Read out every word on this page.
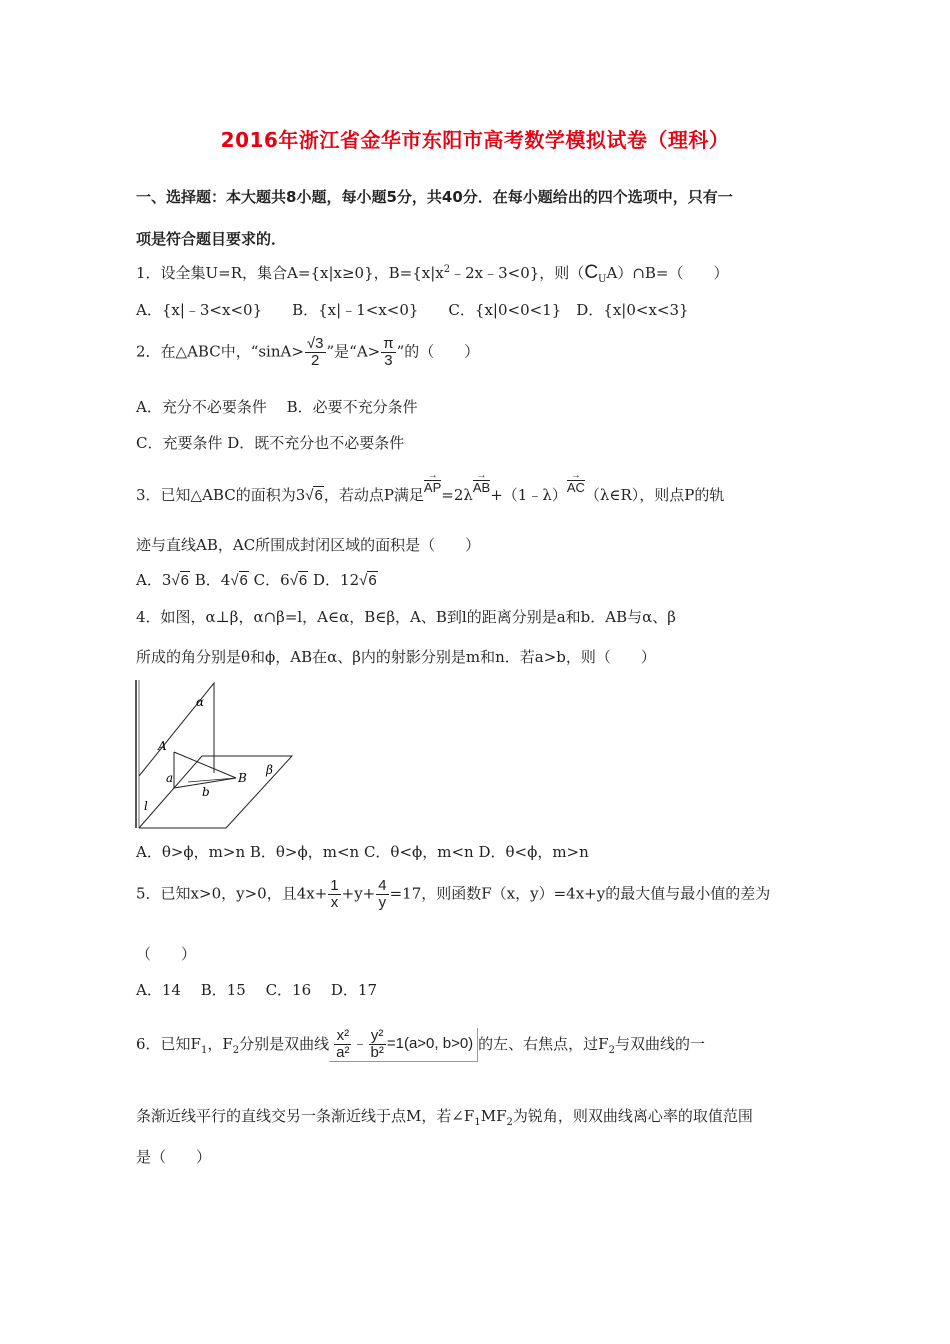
2016年浙江省金华市东阳市高考数学模拟试卷（理科）
一、选择题：本大题共8小题，每小题5分，共40分．在每小题给出的四个选项中，只有一
项是符合题目要求的．
1．设全集U=R，集合A={x|x≥0}，$B=\{x|x^2﹣2x﹣3<0\}$，则$(C_UA)\cap B=$（　　）
A．{x|﹣3<x<0}　　B．{x|﹣1<x<0}　　C．{x|0<0<1}　D．{x|0<x<3}
2．在△ABC中，“$\sin A> \frac{√3}{2}$ ”是“$A> \frac{\pi}{3}$ ”的（　　）
A．充分不必要条件　 B．必要不充分条件
C．充要条件 D．既不充分也不必要条件
3．已知△ABC的面积为3√6，若动点P满足
→
AP =2λ
→
AB +（1﹣λ）
→
AC （λ∈R），则点P的轨
迹与直线AB，AC所围成封闭区域的面积是（　　）
A．3√6 B．4√6 C．6√6 D．12√6
4．如图，α⊥β，α∩β=l，A∈α，B∈β，A、B到l的距离分别是a和b．AB与α、β
所成的角分别是θ和ϕ，AB在α、β内的射影分别是m和n．若a>b，则（　　）
α
A
B
β
a
b
l
A．θ>ϕ，m>n B．θ>ϕ，m<n C．θ<ϕ，m<n D．θ<ϕ，m>n
5．已知x>0，y>0，且$4x+ \frac{1}{x} +y+ \frac{4}{y} =17$，则函数F（x，y）=4x+y的最大值与最小值的差为
（　　）
A．14　 B．15　 C．16　 D．17
6．已知$F_1$，$F_2$分别是双曲线 $\frac{\text{x²}}{\text{a²}}$ ﹣ $\frac{\text{y²}}{\text{b²}} =1(a>0$, b>0) 的左、右焦点，过$F_2$与双曲线的一
条渐近线平行的直线交另一条渐近线于点M，若$\angle F_1MF_2$为锐角，则双曲线离心率的取值范围
是（　　）
